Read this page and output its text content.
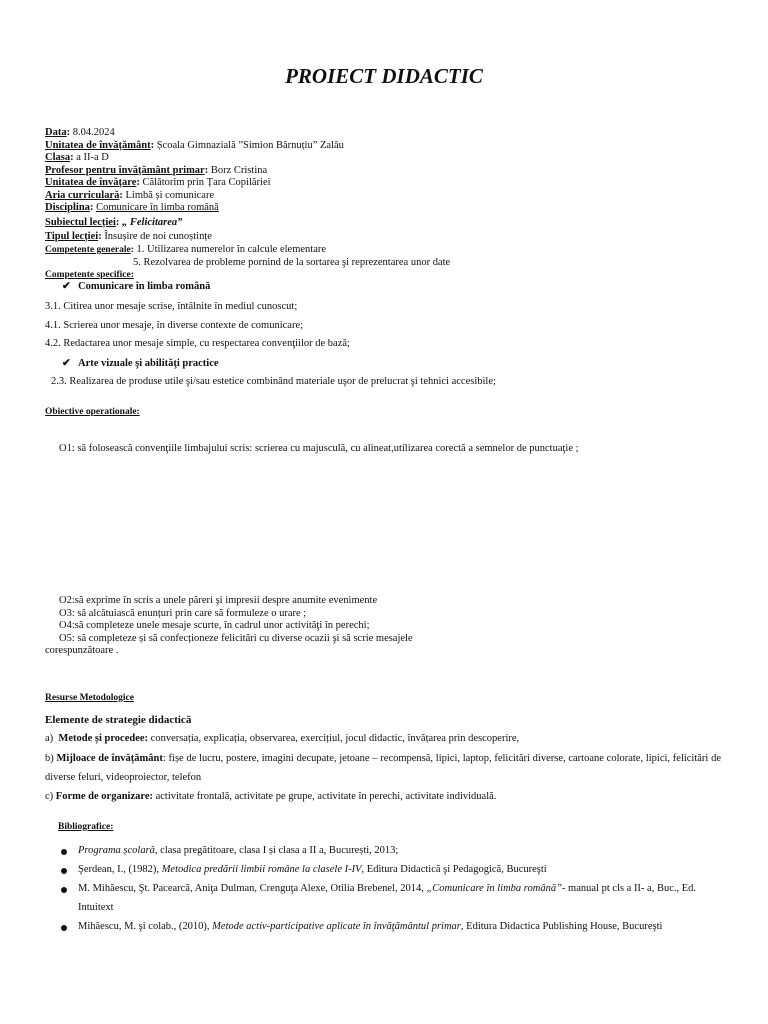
PROIECT DIDACTIC
Data: 8.04.2024
Unitatea de învățământ: Școala Gimnazială ”Simion Bărnuțiu” Zalău
Clasa: a II-a D
Profesor pentru învățământ primar: Borz Cristina
Unitatea de învățare: Călătorim prin Țara Copilăriei
Aria curriculară: Limbă și comunicare
Disciplina: Comunicare în limba română
Subiectul lecției: „ Felicitarea”
Tipul lecției: Însușire de noi cunoștințe
Competente generale: 1. Utilizarea numerelor în calcule elementare
5. Rezolvarea de probleme pornind de la sortarea şi reprezentarea unor date
Competente specifice:
✔ Comunicare în limba română
3.1. Citirea unor mesaje scrise, întâlnite în mediul cunoscut;
4.1. Scrierea unor mesaje, în diverse contexte de comunicare;
4.2. Redactarea unor mesaje simple, cu respectarea convenţiilor de bază;
✔ Arte vizuale şi abilităţi practice
2.3. Realizarea de produse utile şi/sau estetice combinând materiale uşor de prelucrat şi tehnici accesibile;
Obiective operationale:
O1: să folosească convenţiile limbajului scris: scrierea cu majusculă, cu alineat,utilizarea corectă a semnelor de punctuaţie ;
O2:să exprime în scris a unele păreri şi impresii despre anumite evenimente
O3: să alcătuiască enunțuri prin care să formuleze o urare ;
O4:să completeze unele mesaje scurte, în cadrul unor activităţi în perechi;
O5: să completeze și să confecționeze felicitări cu diverse ocazii şi să scrie mesajele
corespunzătoare .
Resurse Metodologice
Elemente de strategie didactică
a) Metode și procedee: conversația, explicația, observarea, exercițiul, jocul didactic, învățarea prin descoperire,
b) Mijloace de învățământ: fișe de lucru, postere, imagini decupate, jetoane – recompensă, lipici, laptop, felicitări diverse, cartoane colorate, lipici, felicitări de diverse feluri, videoproiector, telefon
c) Forme de organizare: activitate frontală, activitate pe grupe, activitate în perechi, activitate individuală.
Bibliografice:
Programa școlară, clasa pregătitoare, clasa I și clasa a II a, București, 2013;
Şerdean, I., (1982), Metodica predării limbii române la clasele I-IV, Editura Didactică şi Pedagogică, Bucureşti
M. Mihăescu, Şt. Pacearcă, Aniţa Dulman, Crenguţa Alexe, Otilia Brebenel, 2014, „Comunicare în limba română”- manual pt cls a II- a, Buc., Ed.
Intuitext
Mihăescu, M. şi colab., (2010), Metode activ-participative aplicate în învăţământul primar, Editura Didactica Publishing House, Bucureşti
